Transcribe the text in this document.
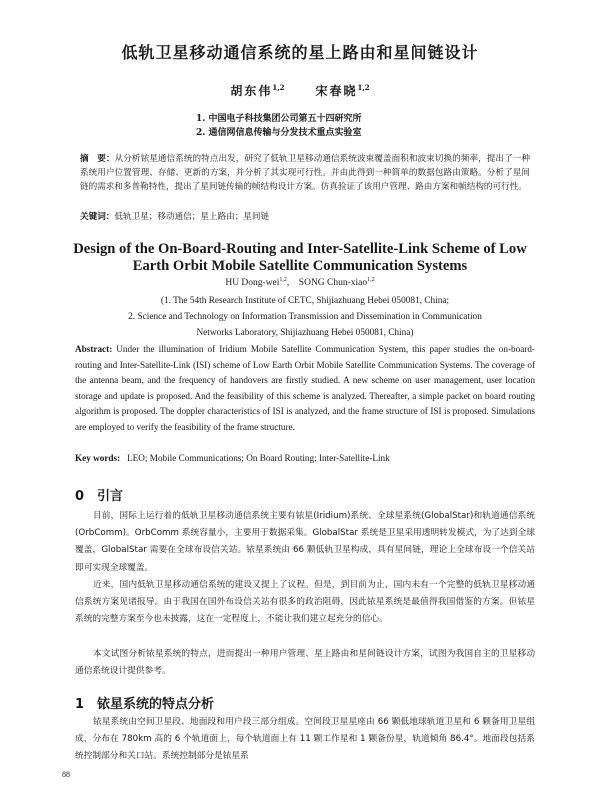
低轨卫星移动通信系统的星上路由和星间链设计
胡东伟$^{1,2}$	宋春晓$^{1,2}$
1. 中国电子科技集团公司第五十四研究所
2. 通信网信息传输与分发技术重点实验室
摘　要：从分析铱星通信系统的特点出发，研究了低轨卫星移动通信系统波束覆盖面积和波束切换的频率，提出了一种系统用户位置管理、存储、更新的方案，并分析了其实现可行性。并由此得到一种简单的数据包路由策略。分析了星间链的需求和多普勒特性，提出了星间链传输的帧结构设计方案。仿真验证了该用户管理、路由方案和帧结构的可行性。
关键词：低轨卫星；移动通信；星上路由；星间链
Design of the On-Board-Routing and Inter-Satellite-Link Scheme of Low Earth Orbit Mobile Satellite Communication Systems
HU Dong-wei$^{1,2}$,    SONG Chun-xiao$^{1,2}$
(1. The 54th Research Institute of CETC, Shijiazhuang Hebei 050081, China;
2. Science and Technology on Information Transmission and Dissemination in Communication
Networks Laboratory, Shijiazhuang Hebei 050081, China)
Abstract: Under the illumination of Iridium Mobile Satellite Communication System, this paper studies the on-board-routing and Inter-Satellite-Link (ISI) scheme of Low Earth Orbit Mobile Satellite Communication Systems. The coverage of the antenna beam, and the frequency of handovers are firstly studied. A new scheme on user management, user location storage and update is proposed. And the feasibility of this scheme is analyzed. Thereafter, a simple packet on board routing algorithm is proposed. The doppler characteristics of ISI is analyzed, and the frame structure of ISI is proposed. Simulations are employed to verify the feasibility of the frame structure.
Key words: LEO; Mobile Communications; On Board Routing; Inter-Satellite-Link
0 引言
目前，国际上运行着的低轨卫星移动通信系统主要有铱星(Iridium)系统、全球星系统(GlobalStar)和轨道通信系统(OrbComm)。OrbComm 系统容量小，主要用于数据采集。GlobalStar 系统是卫星采用透明转发模式，为了达到全球覆盖，GlobalStar 需要在全球布设信关站。铱星系统由 66 颗低轨卫星构成，具有星间链，理论上全球布设一个信关站即可实现全球覆盖。
近来，国内低轨卫星移动通信系统的建设又提上了议程。但是，到目前为止，国内未有一个完整的低轨卫星移动通信系统方案见诸报导。由于我国在国外布设信关站有很多的政治阻碍，因此铱星系统是最值得我国借鉴的方案。但铱星系统的完整方案至今也未披露，这在一定程度上，不能让我们建立起充分的信心。
本文试图分析铱星系统的特点，进而提出一种用户管理、星上路由和星间链设计方案，试图为我国自主的卫星移动通信系统设计提供参考。
1 铱星系统的特点分析
铱星系统由空间卫星段、地面段和用户段三部分组成。空间段卫星星座由 66 颗低地球轨道卫星和 6 颗备用卫星组成，分布在 780km 高的 6 个轨道面上，每个轨道面上有 11 颗工作星和 1 颗备份星，轨道倾角 86.4°。地面段包括系统控制部分和关口站。系统控制部分是铱星系
88
